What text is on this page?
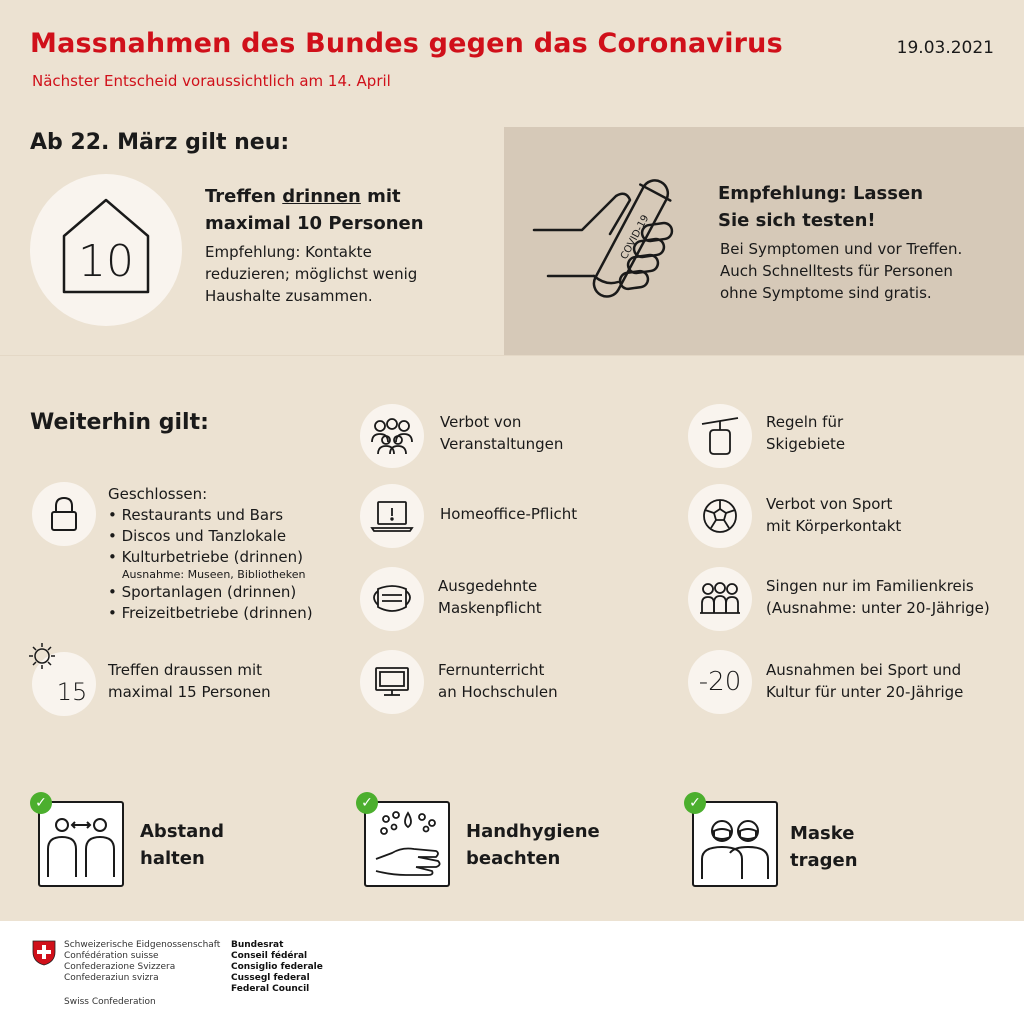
Massnahmen des Bundes gegen das Coronavirus
Nächster Entscheid voraussichtlich am 14. April
19.03.2021
Ab 22. März gilt neu:
10
Treffen drinnen mit
maximal 10 Personen
Empfehlung: Kontakte
reduzieren; möglichst wenig
Haushalte zusammen.
COVID-19
Empfehlung: Lassen
Sie sich testen!
Bei Symptomen und vor Treffen.
Auch Schnelltests für Personen
ohne Symptome sind gratis.
Weiterhin gilt:
Geschlossen:
• Restaurants und Bars
• Discos und Tanzlokale
• Kulturbetriebe (drinnen)
Ausnahme: Museen, Bibliotheken
• Sportanlagen (drinnen)
• Freizeitbetriebe (drinnen)
15
Treffen draussen mit
maximal 15 Personen
Verbot von
Veranstaltungen
Homeoffice-Pflicht
Ausgedehnte
Maskenpflicht
Fernunterricht
an Hochschulen
Regeln für
Skigebiete
Verbot von Sport
mit Körperkontakt
Singen nur im Familienkreis
(Ausnahme: unter 20-Jährige)
-20 Ausnahmen bei Sport und
Kultur für unter 20-Jährige
✓
Abstand
halten
✓
Handhygiene
beachten
✓
Maske
tragen
Schweizerische Eidgenossenschaft
Confédération suisse
Confederazione Svizzera
Confederaziun svizra
Swiss Confederation
Bundesrat
Conseil fédéral
Consiglio federale
Cussegl federal
Federal Council
